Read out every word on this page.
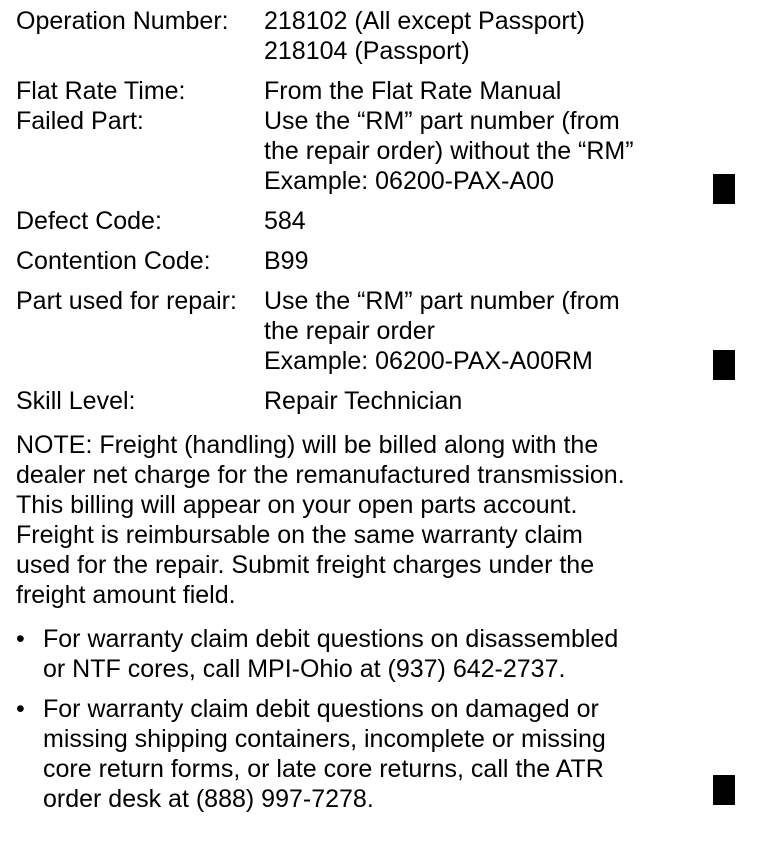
Operation Number:	218102 (All except Passport)
218104 (Passport)
Flat Rate Time:	From the Flat Rate Manual
Failed Part:	Use the “RM” part number (from
the repair order) without the “RM”
Example: 06200-PAX-A00
Defect Code:	584
Contention Code:	B99
Part used for repair:	Use the “RM” part number (from
the repair order
Example: 06200-PAX-A00RM
Skill Level:	Repair Technician
NOTE: Freight (handling) will be billed along with the
dealer net charge for the remanufactured transmission.
This billing will appear on your open parts account.
Freight is reimbursable on the same warranty claim
used for the repair. Submit freight charges under the
freight amount field.
• For warranty claim debit questions on disassembled
or NTF cores, call MPI-Ohio at (937) 642-2737.
• For warranty claim debit questions on damaged or
missing shipping containers, incomplete or missing
core return forms, or late core returns, call the ATR
order desk at (888) 997-7278.
